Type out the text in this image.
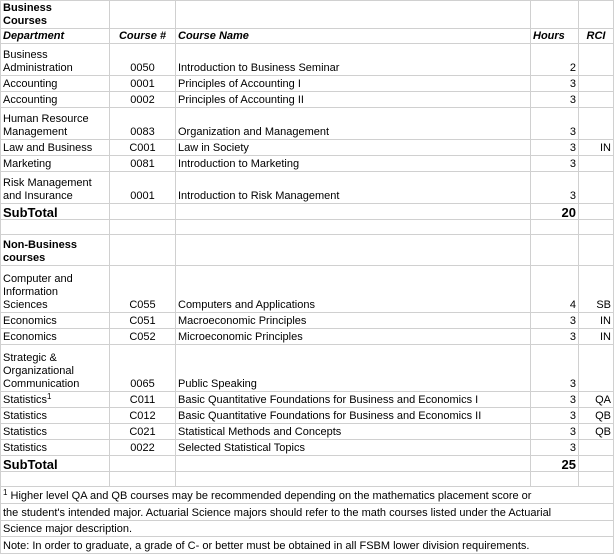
Business
Courses				
Department	Course #	Course Name	Hours	RCI
Business
Administration	0050	Introduction to Business Seminar	2	
Accounting	0001	Principles of Accounting I	3	
Accounting	0002	Principles of Accounting II	3	
Human Resource
Management	0083	Organization and Management	3	
Law and Business	C001	Law in Society	3	IN
Marketing	0081	Introduction to Marketing	3	
Risk Management
and Insurance	0001	Introduction to Risk Management	3	
SubTotal			20	

Non-Business
courses				
Computer and
Information
Sciences	C055	Computers and Applications	4	SB
Economics	C051	Macroeconomic Principles	3	IN
Economics	C052	Microeconomic Principles	3	IN
Strategic &
Organizational
Communication	0065	Public Speaking	3	
Statistics$^1$	C011	Basic Quantitative Foundations for Business and Economics I	3	QA
Statistics	C012	Basic Quantitative Foundations for Business and Economics II	3	QB
Statistics	C021	Statistical Methods and Concepts	3	QB
Statistics	0022	Selected Statistical Topics	3	
SubTotal			25	

$^1$ Higher level QA and QB courses may be recommended depending on the mathematics placement score or				
the student's intended major. Actuarial Science majors should refer to the math courses listed under the Actuarial				
Science major description.				
Note: In order to graduate, a grade of C- or better must be obtained in all FSBM lower division requirements.				
